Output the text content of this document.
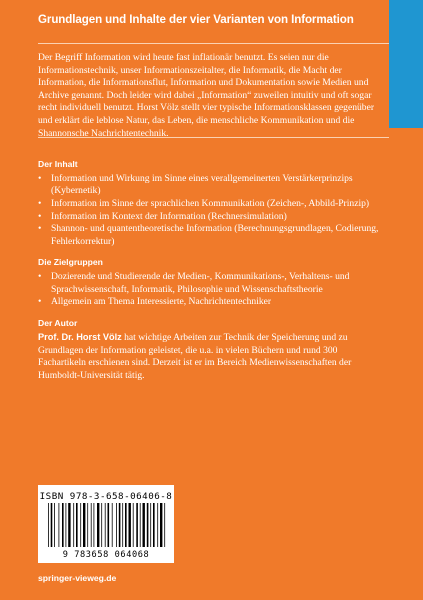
Grundlagen und Inhalte der vier Varianten von Information

Der Begriff Information wird heute fast inflationär benutzt. Es seien nur die Informationstechnik, unser Informationszeitalter, die Informatik, die Macht der Information, die Informationsflut, Information und Dokumentation sowie Medien und Archive genannt. Doch leider wird dabei „Information“ zuweilen intuitiv und oft sogar recht individuell benutzt. Horst Völz stellt vier typische Informationsklassen gegenüber und erklärt die leblose Natur, das Leben, die menschliche Kommunikation und die Shannonsche Nachrichtentechnik.

Der Inhalt
• Information und Wirkung im Sinne eines verallgemeinerten Verstärkerprinzips (Kybernetik)
• Information im Sinne der sprachlichen Kommunikation (Zeichen-, Abbild-Prinzip)
• Information im Kontext der Information (Rechnersimulation)
• Shannon- und quantentheoretische Information (Berechnungsgrundlagen, Codierung, Fehlerkorrektur)
Die Zielgruppen
• Dozierende und Studierende der Medien-, Kommunikations-, Verhaltens- und Sprachwissenschaft, Informatik, Philosophie und Wissenschaftstheorie
• Allgemein am Thema Interessierte, Nachrichtentechniker
Der Autor

Prof. Dr. Horst Völz hat wichtige Arbeiten zur Technik der Speicherung und zu Grundlagen der Information geleistet, die u.a. in vielen Büchern und rund 300 Fachartikeln erschienen sind. Derzeit ist er im Bereich Medienwissenschaften der Humboldt-Universität tätig.

ISBN 978-3-658-06406-8
9 783658 064068
springer-vieweg.de
